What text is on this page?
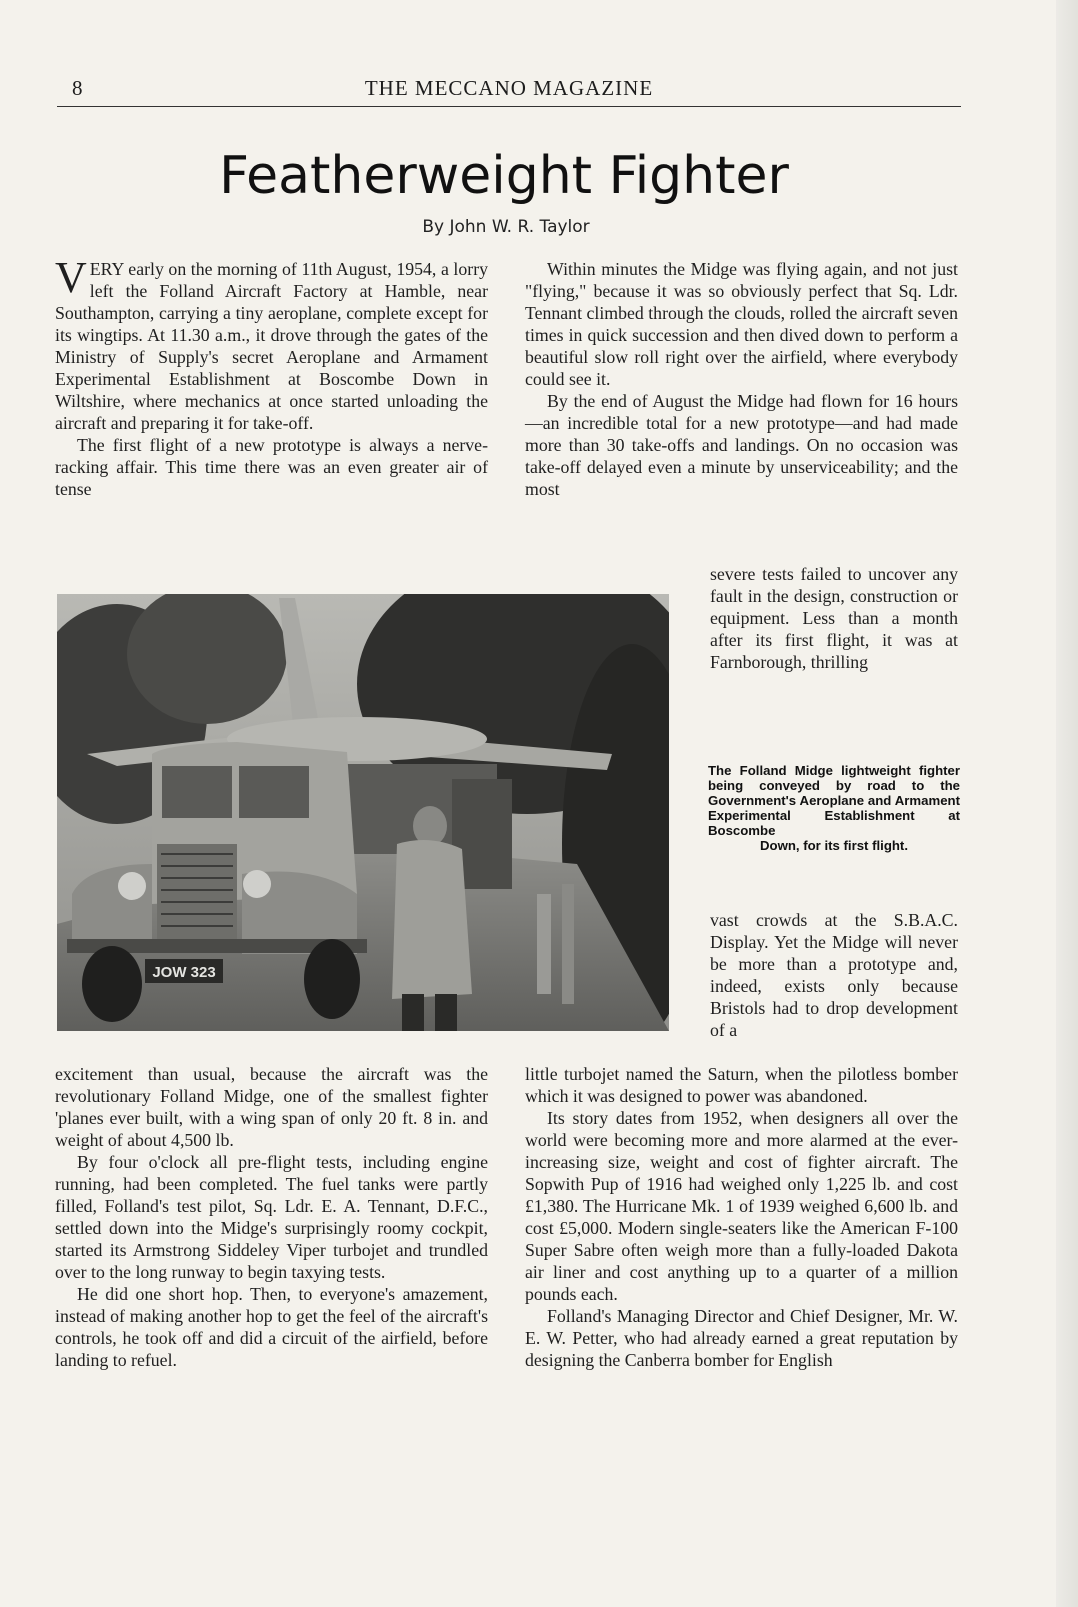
8	THE MECCANO MAGAZINE
Featherweight Fighter
By John W. R. Taylor

VERY early on the morning of 11th August, 1954, a lorry left the Folland Aircraft Factory at Hamble, near Southampton, carrying a tiny aeroplane, complete except for its wingtips. At 11.30 a.m., it drove through the gates of the Ministry of Supply's secret Aeroplane and Armament Experimental Establishment at Boscombe Down in Wiltshire, where mechanics at once started unloading the aircraft and preparing it for take-off.

The first flight of a new prototype is always a nerve-racking affair. This time there was an even greater air of tense

Within minutes the Midge was flying again, and not just "flying," because it was so obviously perfect that Sq. Ldr. Tennant climbed through the clouds, rolled the aircraft seven times in quick succession and then dived down to perform a beautiful slow roll right over the airfield, where everybody could see it.

By the end of August the Midge had flown for 16 hours—an incredible total for a new prototype—and had made more than 30 take-offs and landings. On no occasion was take-off delayed even a minute by unserviceability; and the most

severe tests failed to uncover any fault in the design, construction or equipment. Less than a month after its first flight, it was at Farnborough, thrilling

JOW 323

The Folland Midge lightweight fighter being conveyed by road to the Government's Aeroplane and Armament Experimental Establishment at Boscombe
Down, for its first flight.

vast crowds at the S.B.A.C. Display. Yet the Midge will never be more than a prototype and, indeed, exists only because Bristols had to drop development of a

excitement than usual, because the aircraft was the revolutionary Folland Midge, one of the smallest fighter 'planes ever built, with a wing span of only 20 ft. 8 in. and weight of about 4,500 lb.

By four o'clock all pre-flight tests, including engine running, had been completed. The fuel tanks were partly filled, Folland's test pilot, Sq. Ldr. E. A. Tennant, D.F.C., settled down into the Midge's surprisingly roomy cockpit, started its Armstrong Siddeley Viper turbojet and trundled over to the long runway to begin taxying tests.

He did one short hop. Then, to everyone's amazement, instead of making another hop to get the feel of the aircraft's controls, he took off and did a circuit of the airfield, before landing to refuel.

little turbojet named the Saturn, when the pilotless bomber which it was designed to power was abandoned.

Its story dates from 1952, when designers all over the world were becoming more and more alarmed at the ever-increasing size, weight and cost of fighter aircraft. The Sopwith Pup of 1916 had weighed only 1,225 lb. and cost £1,380. The Hurricane Mk. 1 of 1939 weighed 6,600 lb. and cost £5,000. Modern single-seaters like the American F-100 Super Sabre often weigh more than a fully-loaded Dakota air liner and cost anything up to a quarter of a million pounds each.

Folland's Managing Director and Chief Designer, Mr. W. E. W. Petter, who had already earned a great reputation by designing the Canberra bomber for English
